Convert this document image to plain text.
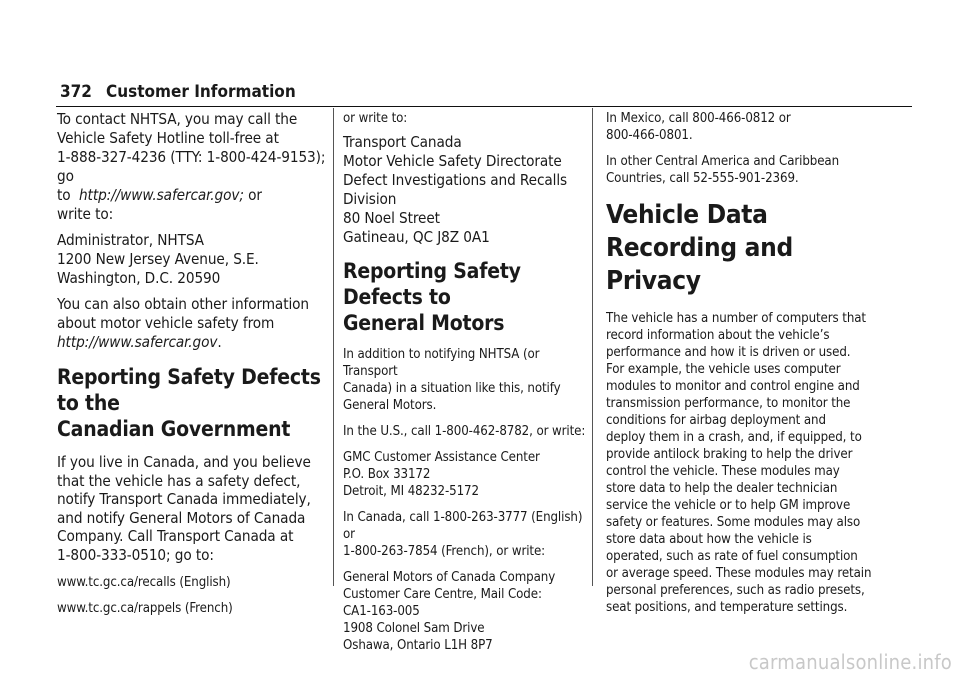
372 Customer Information

To contact NHTSA, you may call the
Vehicle Safety Hotline toll-free at
1-888-327-4236 (TTY: 1-800-424-9153); go
to  http://www.safercar.gov; or
write to:

Administrator, NHTSA
1200 New Jersey Avenue, S.E.
Washington, D.C. 20590

You can also obtain other information
about motor vehicle safety from
http://www.safercar.gov.

Reporting Safety Defects to the
Canadian Government

If you live in Canada, and you believe
that the vehicle has a safety defect,
notify Transport Canada immediately,
and notify General Motors of Canada
Company. Call Transport Canada at
1-800-333-0510; go to:

www.tc.gc.ca/recalls (English)

www.tc.gc.ca/rappels (French)

or write to:

Transport Canada
Motor Vehicle Safety Directorate
Defect Investigations and Recalls
Division
80 Noel Street
Gatineau, QC J8Z 0A1

Reporting Safety Defects to
General Motors

In addition to notifying NHTSA (or Transport
Canada) in a situation like this, notify
General Motors.

In the U.S., call 1-800-462-8782, or write:

GMC Customer Assistance Center
P.O. Box 33172
Detroit, MI 48232-5172

In Canada, call 1-800-263-3777 (English) or
1-800-263-7854 (French), or write:

General Motors of Canada Company
Customer Care Centre, Mail Code:
CA1-163-005
1908 Colonel Sam Drive
Oshawa, Ontario L1H 8P7

In Mexico, call 800-466-0812 or
800-466-0801.

In other Central America and Caribbean
Countries, call 52-555-901-2369.

Vehicle Data Recording and
Privacy

The vehicle has a number of computers that
record information about the vehicle’s
performance and how it is driven or used.
For example, the vehicle uses computer
modules to monitor and control engine and
transmission performance, to monitor the
conditions for airbag deployment and
deploy them in a crash, and, if equipped, to
provide antilock braking to help the driver
control the vehicle. These modules may
store data to help the dealer technician
service the vehicle or to help GM improve
safety or features. Some modules may also
store data about how the vehicle is
operated, such as rate of fuel consumption
or average speed. These modules may retain
personal preferences, such as radio presets,
seat positions, and temperature settings.

carmanualsonline.info
